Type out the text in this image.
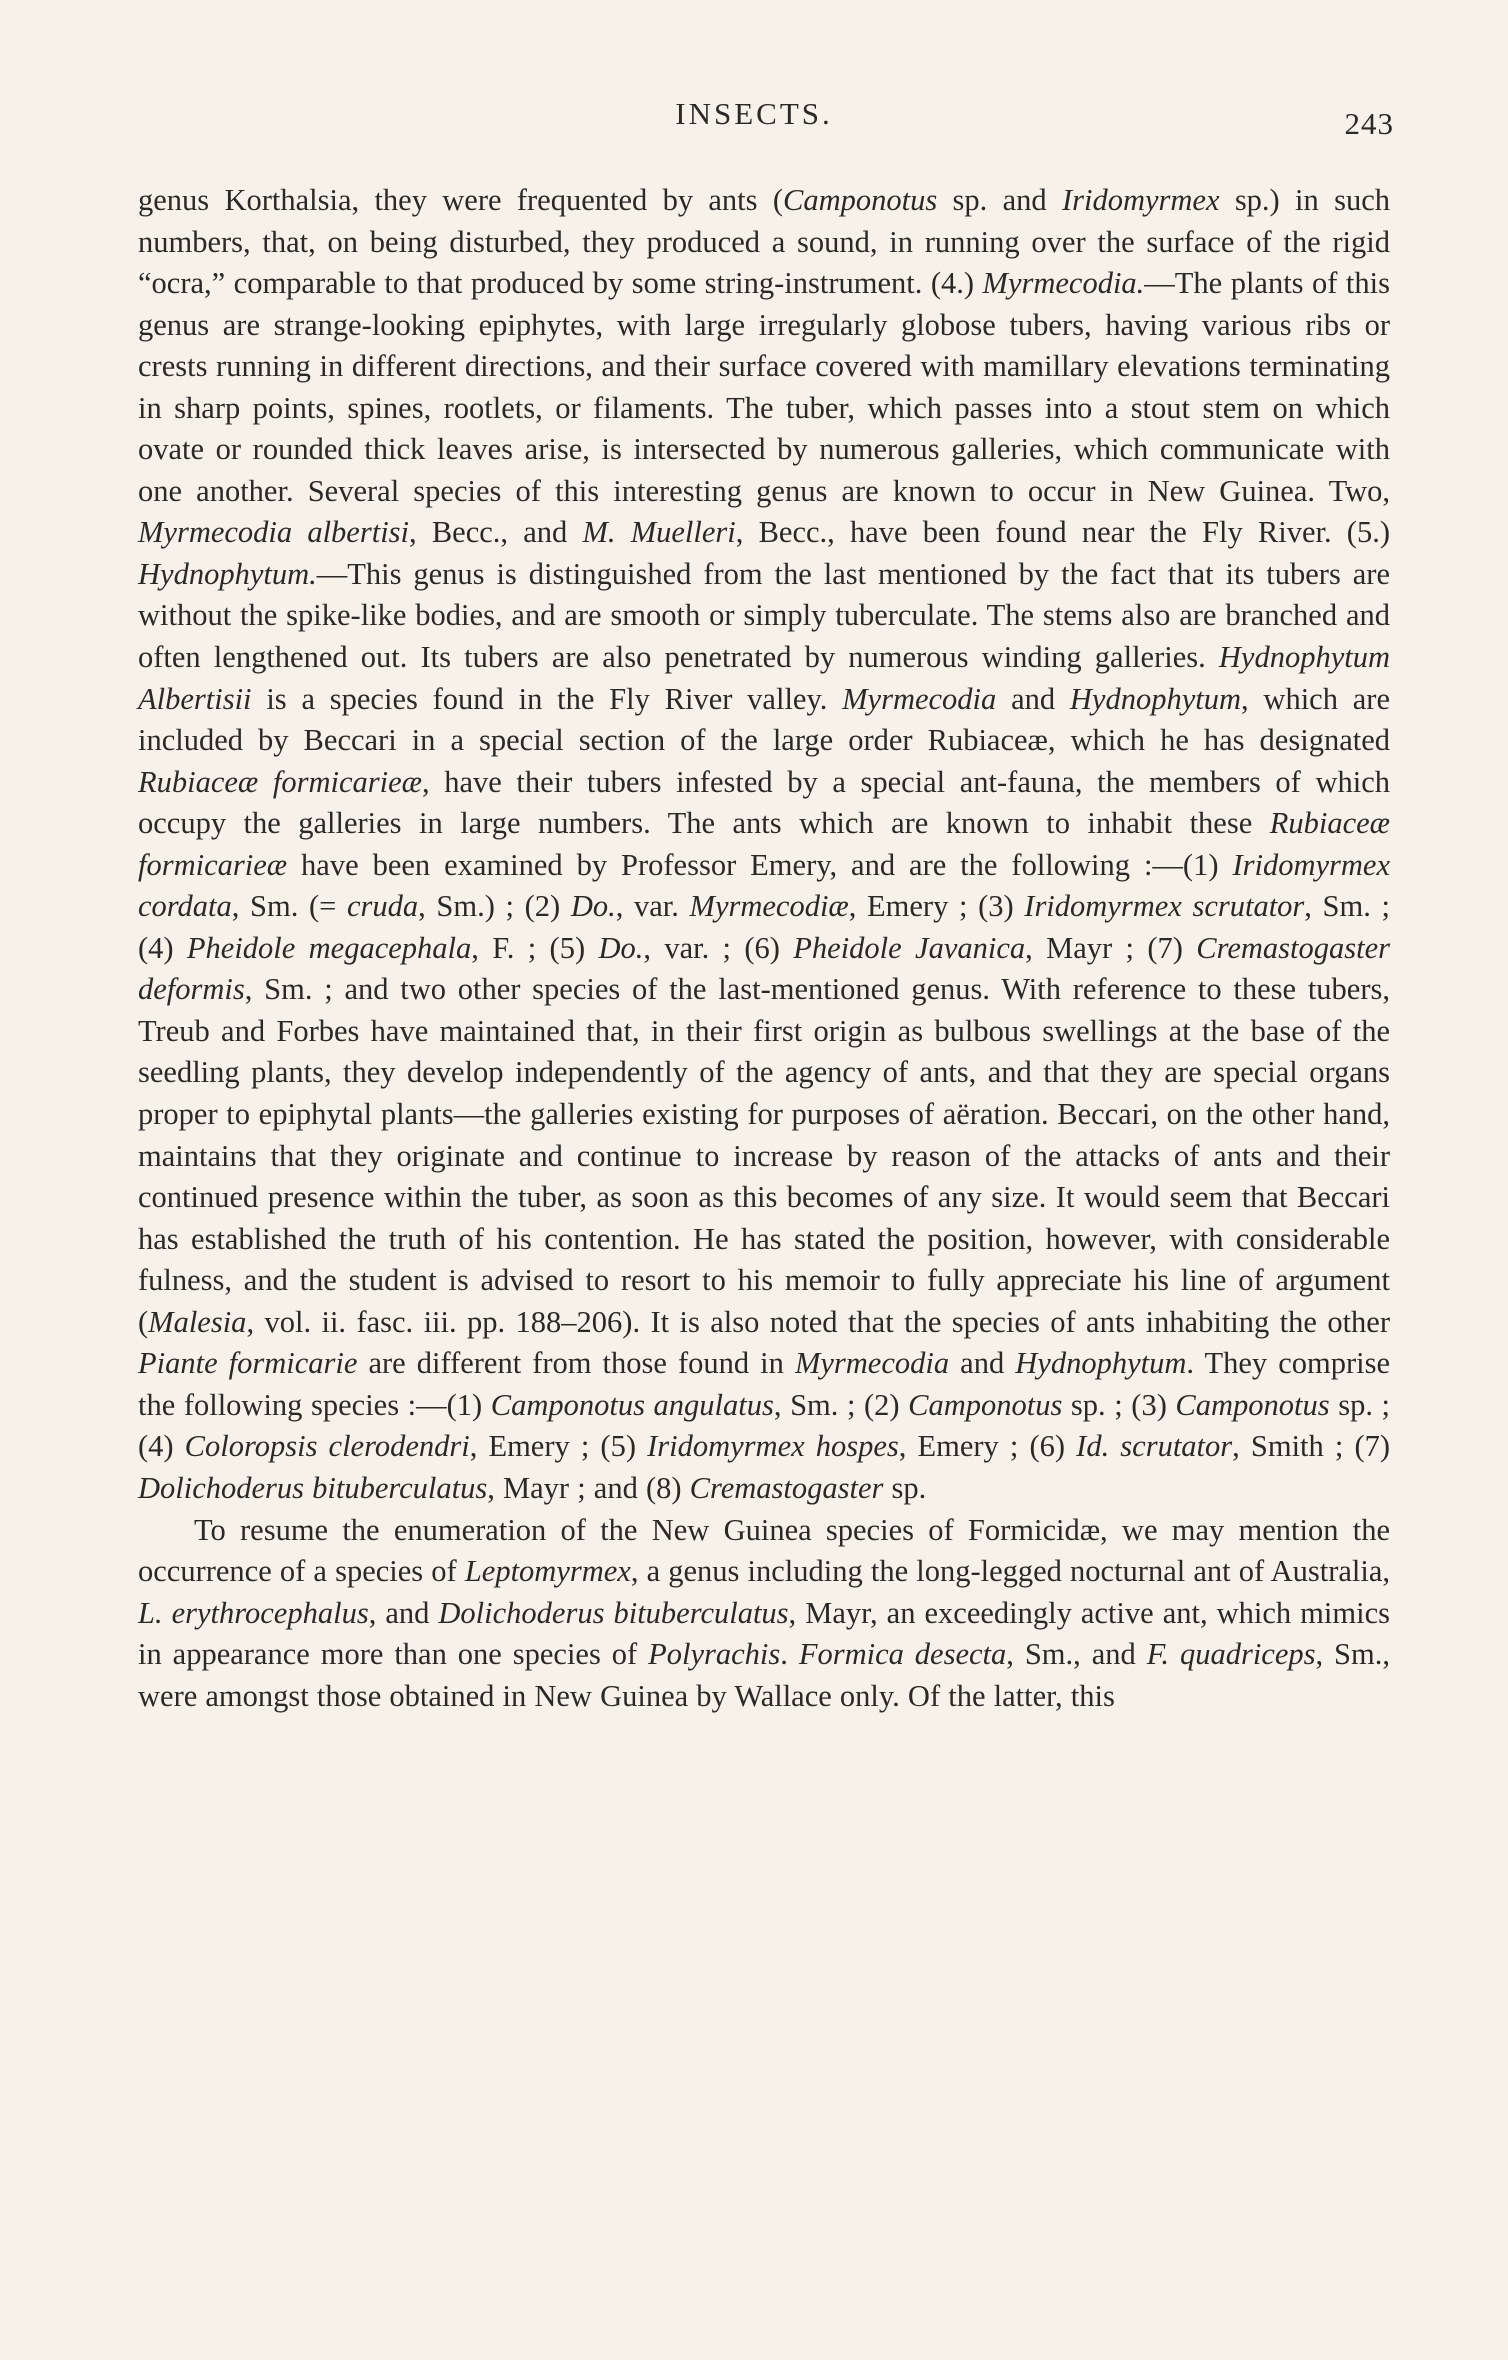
INSECTS.	243

genus Korthalsia, they were frequented by ants (Camponotus sp. and Iridomyrmex sp.) in such numbers, that, on being disturbed, they produced a sound, in running over the surface of the rigid “ocra,” comparable to that produced by some string-instrument. (4.) Myrmecodia.—The plants of this genus are strange-looking epiphytes, with large irregularly globose tubers, having various ribs or crests running in different directions, and their surface covered with mamillary elevations terminating in sharp points, spines, rootlets, or filaments. The tuber, which passes into a stout stem on which ovate or rounded thick leaves arise, is intersected by numerous galleries, which communicate with one another. Several species of this interesting genus are known to occur in New Guinea. Two, Myrmecodia albertisi, Becc., and M. Muelleri, Becc., have been found near the Fly River. (5.) Hydnophytum.—This genus is distinguished from the last mentioned by the fact that its tubers are without the spike-like bodies, and are smooth or simply tuberculate. The stems also are branched and often lengthened out. Its tubers are also penetrated by numerous winding galleries. Hydnophytum Albertisii is a species found in the Fly River valley. Myrmecodia and Hydnophytum, which are included by Beccari in a special section of the large order Rubiaceæ, which he has designated Rubiaceæ formicarieæ, have their tubers infested by a special ant-fauna, the members of which occupy the galleries in large numbers. The ants which are known to inhabit these Rubiaceæ formicarieæ have been examined by Professor Emery, and are the following :—(1) Iridomyrmex cordata, Sm. (= cruda, Sm.) ; (2) Do., var. Myrmecodiæ, Emery ; (3) Iridomyrmex scrutator, Sm. ; (4) Pheidole megacephala, F. ; (5) Do., var. ; (6) Pheidole Javanica, Mayr ; (7) Cremastogaster deformis, Sm. ; and two other species of the last-mentioned genus. With reference to these tubers, Treub and Forbes have maintained that, in their first origin as bulbous swellings at the base of the seedling plants, they develop independently of the agency of ants, and that they are special organs proper to epiphytal plants—the galleries existing for purposes of aëration. Beccari, on the other hand, maintains that they originate and continue to increase by reason of the attacks of ants and their continued presence within the tuber, as soon as this becomes of any size. It would seem that Beccari has established the truth of his contention. He has stated the position, however, with considerable fulness, and the student is advised to resort to his memoir to fully appreciate his line of argument (Malesia, vol. ii. fasc. iii. pp. 188–206). It is also noted that the species of ants inhabiting the other Piante formicarie are different from those found in Myrmecodia and Hydnophytum. They comprise the following species :—(1) Camponotus angulatus, Sm. ; (2) Camponotus sp. ; (3) Camponotus sp. ; (4) Coloropsis clerodendri, Emery ; (5) Iridomyrmex hospes, Emery ; (6) Id. scrutator, Smith ; (7) Dolichoderus bituberculatus, Mayr ; and (8) Cremastogaster sp.

To resume the enumeration of the New Guinea species of Formicidæ, we may mention the occurrence of a species of Leptomyrmex, a genus including the long-legged nocturnal ant of Australia, L. erythrocephalus, and Dolichoderus bituberculatus, Mayr, an exceedingly active ant, which mimics in appearance more than one species of Polyrachis. Formica desecta, Sm., and F. quadriceps, Sm., were amongst those obtained in New Guinea by Wallace only. Of the latter, this
